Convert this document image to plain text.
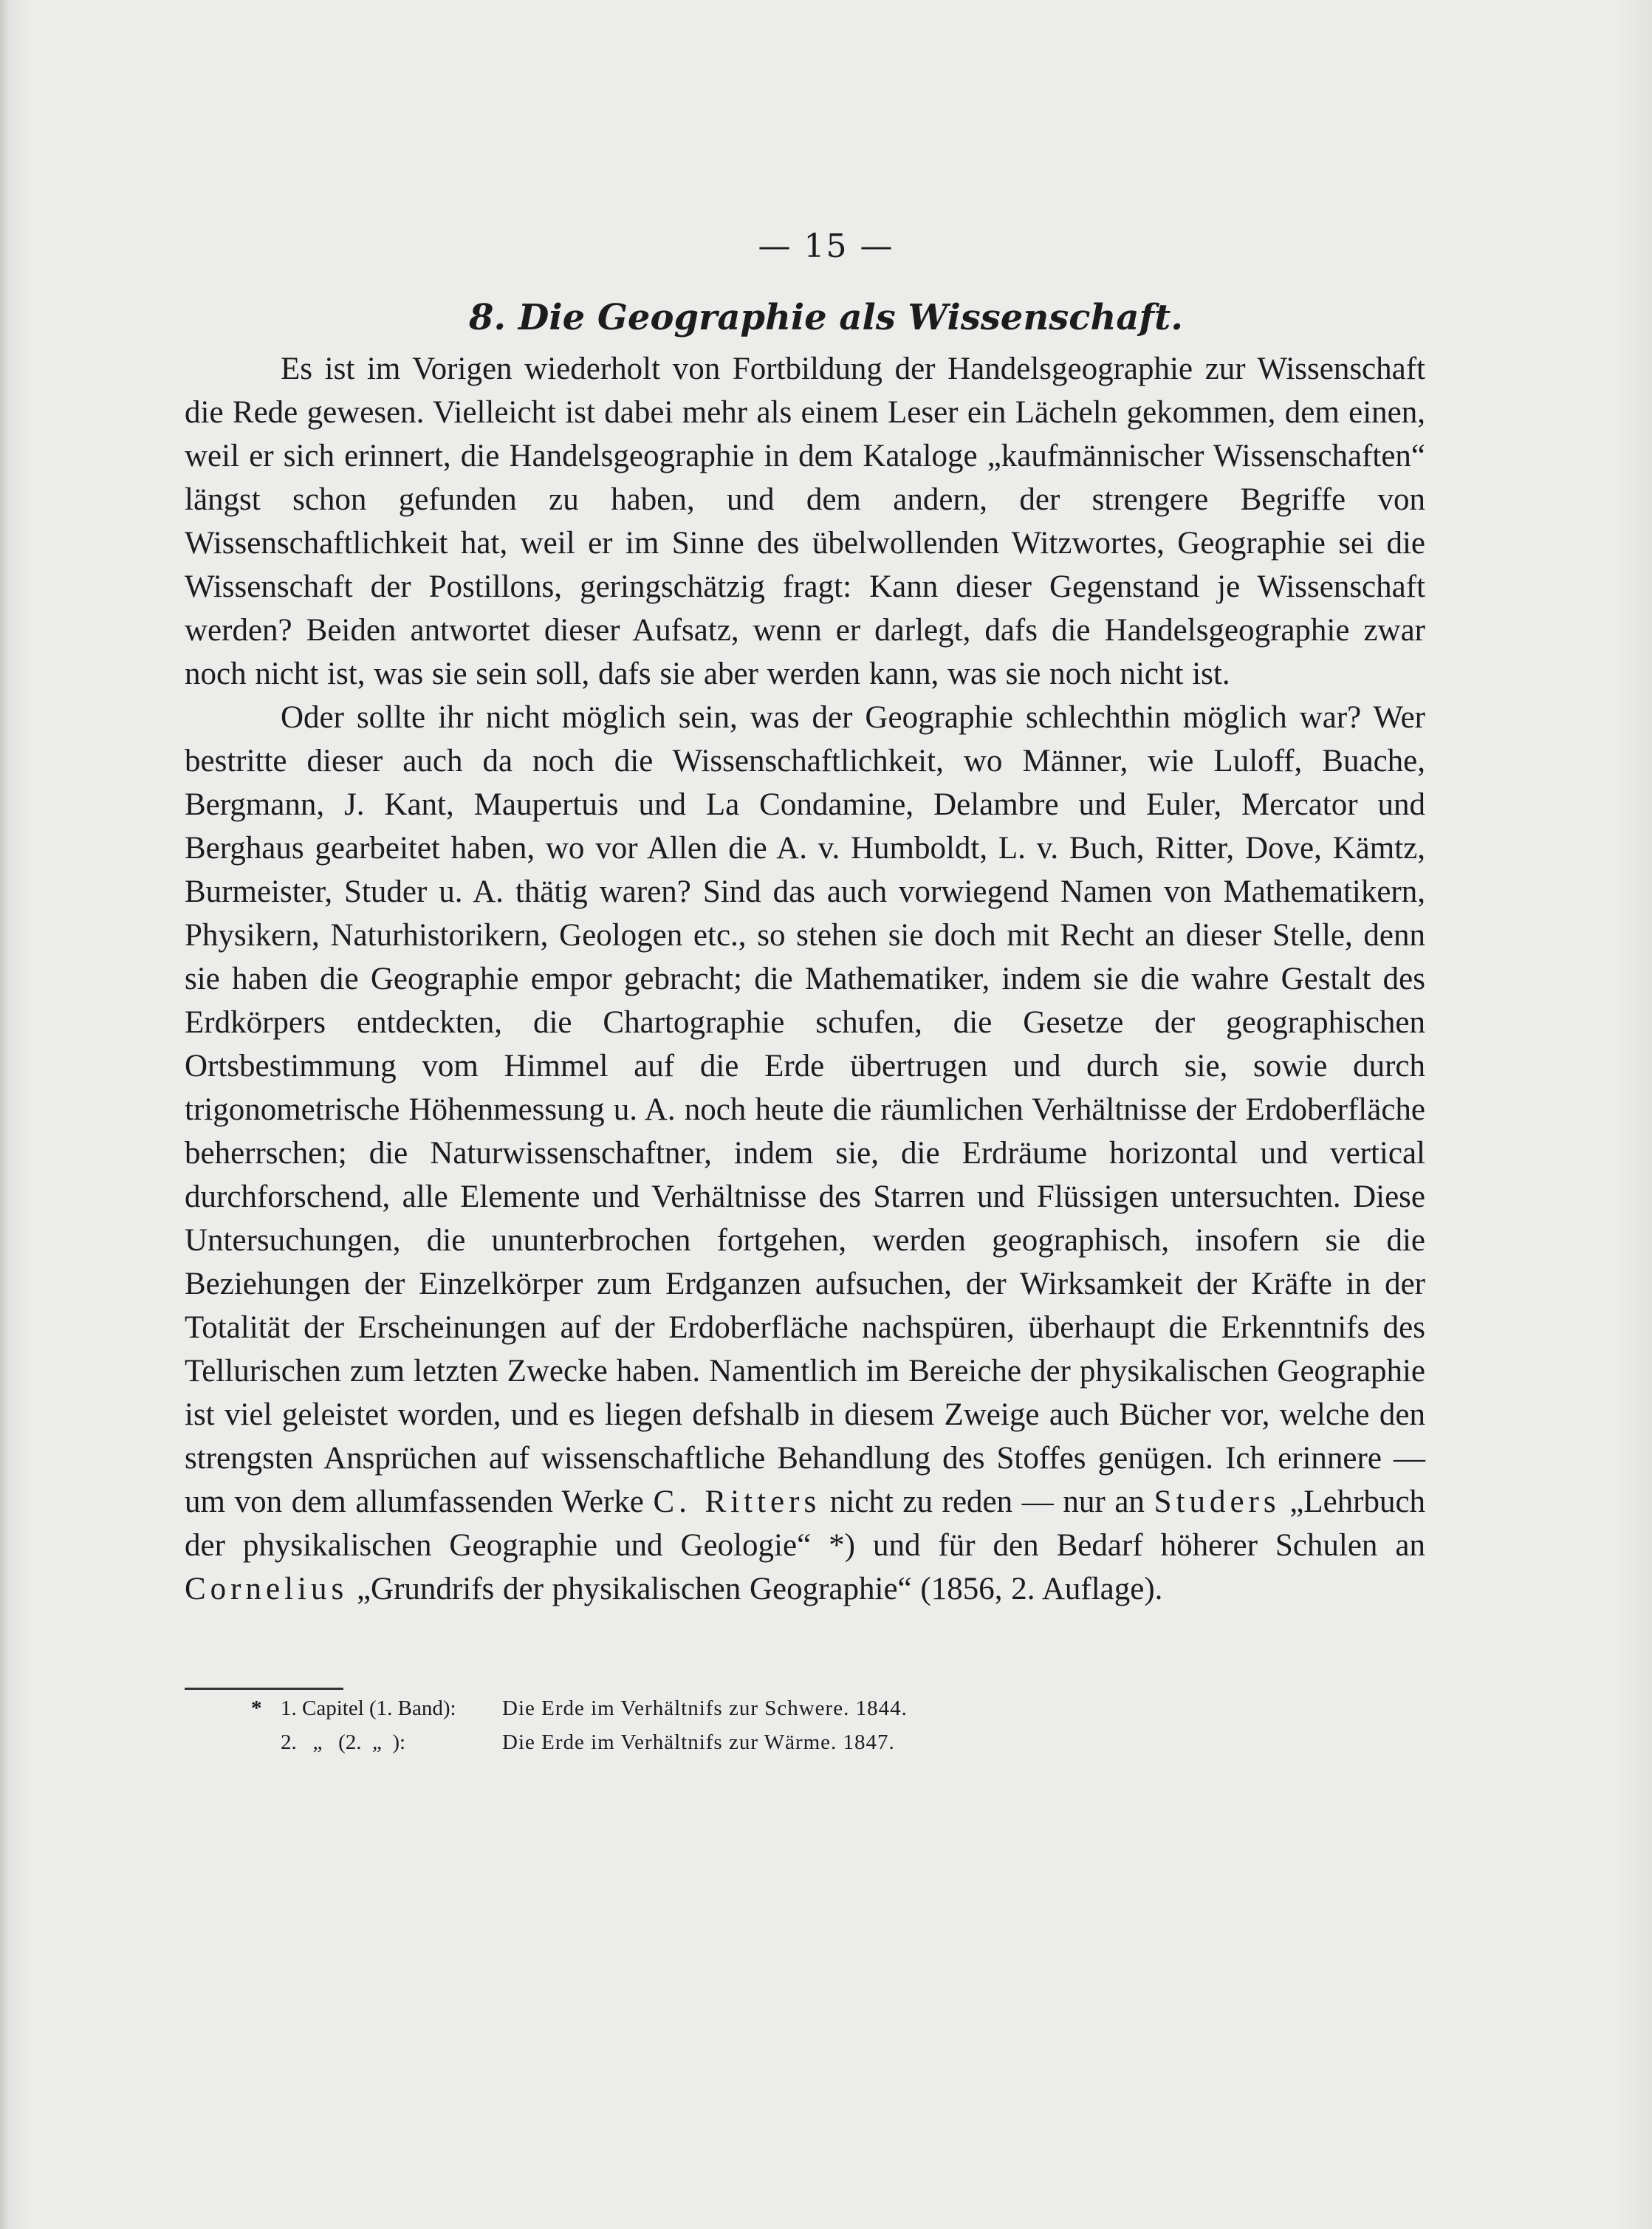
— 15 —
8. Die Geographie als Wissenschaft.

Es ist im Vorigen wiederholt von Fortbildung der Handelsgeographie zur Wissenschaft die Rede gewesen. Vielleicht ist dabei mehr als einem Leser ein Lächeln gekommen, dem einen, weil er sich erinnert, die Handelsgeographie in dem Kataloge „kaufmännischer Wissenschaften“ längst schon gefunden zu haben, und dem andern, der strengere Begriffe von Wissenschaftlichkeit hat, weil er im Sinne des übelwollenden Witzwortes, Geographie sei die Wissenschaft der Postillons, geringschätzig fragt: Kann dieser Gegenstand je Wissenschaft werden? Beiden antwortet dieser Aufsatz, wenn er darlegt, dafs die Handelsgeographie zwar noch nicht ist, was sie sein soll, dafs sie aber werden kann, was sie noch nicht ist.

Oder sollte ihr nicht möglich sein, was der Geographie schlechthin möglich war? Wer bestritte dieser auch da noch die Wissenschaftlichkeit, wo Männer, wie Luloff, Buache, Bergmann, J. Kant, Maupertuis und La Condamine, Delambre und Euler, Mercator und Berghaus gearbeitet haben, wo vor Allen die A. v. Humboldt, L. v. Buch, Ritter, Dove, Kämtz, Burmeister, Studer u. A. thätig waren? Sind das auch vorwiegend Namen von Mathematikern, Physikern, Naturhistorikern, Geologen etc., so stehen sie doch mit Recht an dieser Stelle, denn sie haben die Geographie empor gebracht; die Mathematiker, indem sie die wahre Gestalt des Erdkörpers entdeckten, die Chartographie schufen, die Gesetze der geographischen Ortsbestimmung vom Himmel auf die Erde übertrugen und durch sie, sowie durch trigonometrische Höhenmessung u. A. noch heute die räumlichen Verhältnisse der Erdoberfläche beherrschen; die Naturwissenschaftner, indem sie, die Erdräume horizontal und vertical durchforschend, alle Elemente und Verhältnisse des Starren und Flüssigen untersuchten. Diese Untersuchungen, die ununterbrochen fortgehen, werden geographisch, insofern sie die Beziehungen der Einzelkörper zum Erdganzen aufsuchen, der Wirksamkeit der Kräfte in der Totalität der Erscheinungen auf der Erdoberfläche nachspüren, überhaupt die Erkenntnifs des Tellurischen zum letzten Zwecke haben. Namentlich im Bereiche der physikalischen Geographie ist viel geleistet worden, und es liegen defshalb in diesem Zweige auch Bücher vor, welche den strengsten Ansprüchen auf wissenschaftliche Behandlung des Stoffes genügen. Ich erinnere — um von dem allumfassenden Werke C. Ritters nicht zu reden — nur an Studers „Lehrbuch der physikalischen Geographie und Geologie“ *) und für den Bedarf höherer Schulen an Cornelius „Grundrifs der physikalischen Geographie“ (1856, 2. Auflage).

* 1. Capitel (1. Band):	Die Erde im Verhältnifs zur Schwere. 1844.
2.   „   (2.  „  ):	Die Erde im Verhältnifs zur Wärme. 1847.
